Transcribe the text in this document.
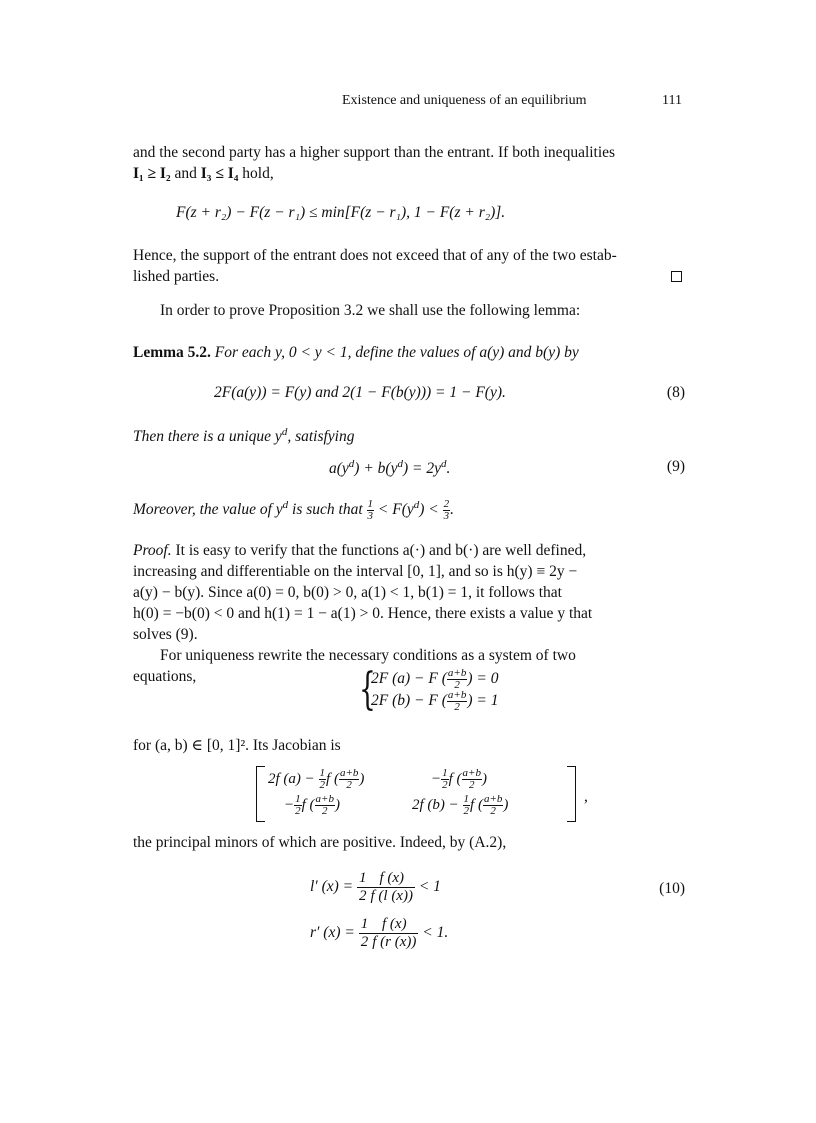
Existence and uniqueness of an equilibrium	111
and the second party has a higher support than the entrant. If both inequalities
I₁ ≥ I₂ and I₃ ≤ I₄ hold,
F(z + r₂) − F(z − r₁) ≤ min[F(z − r₁), 1 − F(z + r₂)].
Hence, the support of the entrant does not exceed that of any of the two estab-
lished parties.
In order to prove Proposition 3.2 we shall use the following lemma:
Lemma 5.2. For each y, 0 < y < 1, define the values of a(y) and b(y) by
2F(a(y)) = F(y) and 2(1 − F(b(y))) = 1 − F(y).	(8)
Then there is a unique $y^d$, satisfying
$a(y^d) + b(y^d) = 2y^d$.	(9)
Moreover, the value of $y^d$ is such that $\frac{1}{3} < F(y^d) < \frac{2}{3}$ .
Proof. It is easy to verify that the functions a(·) and b(·) are well defined,
increasing and differentiable on the interval [0, 1], and so is h(y) ≡ 2y −
a(y) − b(y). Since a(0) = 0, b(0) > 0, a(1) < 1, b(1) = 1, it follows that
h(0) = −b(0) < 0 and h(1) = 1 − a(1) > 0. Hence, there exists a value y that
solves (9).
For uniqueness rewrite the necessary conditions as a system of two
equations,	{
2F (a) − F ( $\frac{a+b}{2}$ ) = 0
2F (b) − F ( $\frac{a+b}{2}$ ) = 1
for (a, b) ∈ [0, 1]². Its Jacobian is
2f $(a) - \frac{1}{2}$ f ( $\frac{a+b}{2}$ )	− $\frac{1}{2}$ f ( $\frac{a+b}{2}$ )
− $\frac{1}{2}$ f ( $\frac{a+b}{2}$ )	2f $(b) - \frac{1}{2}$ f ( $\frac{a+b}{2}$ )	,
the principal minors of which are positive. Indeed, by (A.2),
l′ $(x) = \frac{1}{2} \frac{f (x)}{f (l (x))} < 1$	(10)
r′ $(x) = \frac{1}{2} \frac{f (x)}{f (r (x))} < 1$.
